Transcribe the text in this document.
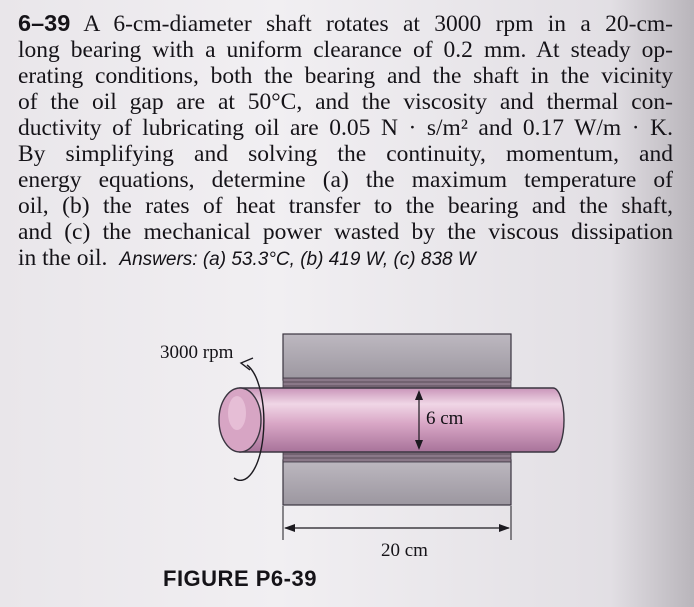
6–39 A 6-cm-diameter shaft rotates at 3000 rpm in a 20-cm-
long bearing with a uniform clearance of 0.2 mm. At steady op-
erating conditions, both the bearing and the shaft in the vicinity
of the oil gap are at 50°C, and the viscosity and thermal con-
ductivity of lubricating oil are 0.05 N · s/m² and 0.17 W/m · K.
By simplifying and solving the continuity, momentum, and
energy equations, determine (a) the maximum temperature of
oil, (b) the rates of heat transfer to the bearing and the shaft,
and (c) the mechanical power wasted by the viscous dissipation
in the oil. Answers: (a) 53.3°C, (b) 419 W, (c) 838 W
3000 rpm
6 cm
20 cm
FIGURE P6-39
